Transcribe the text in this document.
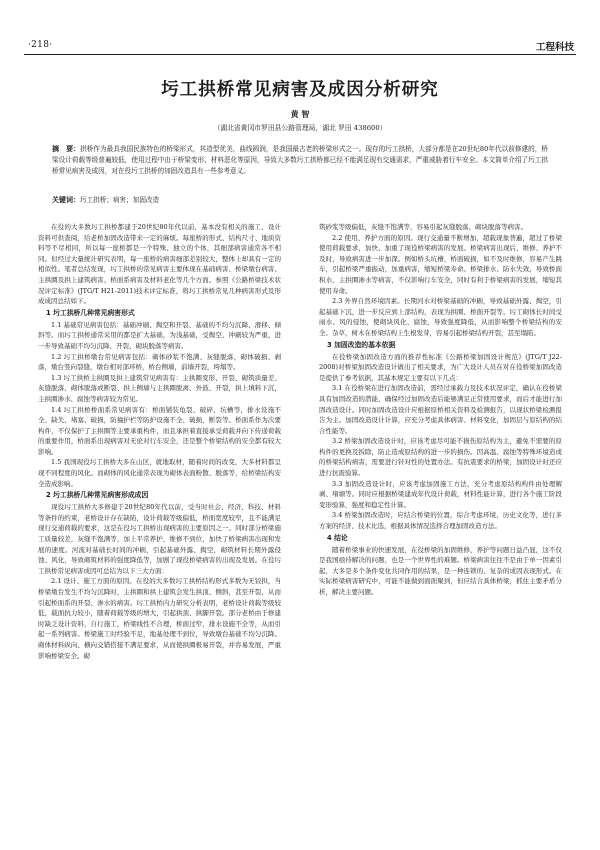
·218·	工程科技
圬工拱桥常见病害及成因分析研究
黄 智
（湖北省黄冈市罗田县公路管理局，湖北 罗田 438600）
摘　要：拱桥作为最具我国民族特色的桥梁形式，其造型优美，曲线圆润，是我国最古老的桥梁形式之一。现存的圬工拱桥，大部分都是在20世纪80年代以前修建的，桥梁设计荷载等级普遍较低，使用过程中由于桥梁变形、材料恶化等原因，导致大多数圬工拱桥都已经不能满足现有交通需求，严重威胁着行车安全。本文简单介绍了圬工拱桥常见病害及成因，对在役圬工拱桥的加固改造具有一些参考意义。
关键词：圬工拱桥；病害；加固改造

在役的大多数圬工拱桥都建于20世纪80年代以前，基本没有相关的施工、设计资料可供查阅，给老桥加固改造带来一定的麻烦。每座桥的形式、结构尺寸、地质资料等不尽相同，所以每一座桥都是一个特殊、独立的个体，其细部病害通常各不相同。但经过大量统计研究表明，每一座桥的病害细部差别较大，整体上却具有一定的相似性。笔者总结发现，圬工拱桥的常见病害主要体现在基础病害、桥梁墩台病害、主拱圈及拱上建筑病害、桥面系病害及材料老化等几个方面。参照《公路桥梁技术状况评定标准》(JTG/T H21-2011)技术评定标准，将圬工拱桥常见几种病害形式及形成成因总结如下。

1 圬工拱桥几种常见病害形式

1.1 基础常见病害包括：基础冲刷、掏空和开裂、基础的不均匀沉降、滑移、倾斜等。而圬工拱桥通常采用的都是扩大基础，为浅基础，受掏空、冲刷较为严重，进一步导致基础不均匀沉降、开裂、砌块脱落等病害。

1.2 圬工拱桥墩台常见病害包括：砌体砂浆不饱满、灰缝脱落，砌体破损、剥落，墩台竖向裂缝，墩台相对部环桥，桥台侧墙，前墙开裂，垮塌等。

1.3 圬工拱桥主拱圈及拱上建筑常见病害有：主拱圈变形、开裂、砌筑质量差、灰缝脱落、砌体脱落或断裂、拱上侧墙与主拱圈脱离、外鼓、开裂，拱上填料下沉，主拱圈渗水、腐蚀等病害较为常见。

1.4 圬工拱桥桥面系常见病害有：桥面铺装龟裂、破碎、坑槽等，排水设施不全、缺失、堵塞、破损，防撞护栏等防护设施不全、破损、断裂等。桥面系作为次要构件，不仅保护了主拱圈等主要承重构件，而且承担着直接承受荷载并向下传递荷载的重要作用，桥面系出现病害对无论对行车安全，还是整个桥梁结构的安全都有较大影响。

1.5 我国现役圬工拱桥大多在山区，就地取材，随着时间的改变，大多材料都呈现不同程度的风化。而砌体的风化通常表现为砌体表面粉散、脱落等，给桥梁结构安全造成影响。

2 圬工拱桥几种常见病害形成成因

现役圬工拱桥大多修建于20世纪80年代以前，受当时社会、经济、科技、材料等条件的约束，老桥设计存在缺陷，设计荷载等级偏低，桥面宽度较窄，且不能满足现行交通荷载的要求，这是在役圬工拱桥出现病害的主要原因之一。同时部分桥梁施工质量较差，灰缝不饱满等，加上平常养护，维修不到位，加快了桥梁病害出现和发展的速度。河流对基础长时间的冲刷，引起基础外露、掏空，砌筑材料长期外露侵蚀、风化，导致砌筑材料的强度降低等，加剧了现役桥梁病害的出现及发展。在役圬工拱桥常见病害成因可总结为以下三大方面：

2.1 设计、施工方面的原因。在役的大多数圬工拱桥结构形式多数为无铰拱，当桥梁墩台发生不均匀沉降时，主拱圈和拱上建筑会发生拱顶、侧斜，甚至开裂，从而引起桥面系的开裂、渗水的病害。圬工拱桥内力研究分析表明，老桥设计荷载等级较低，载面抗力较小，随着荷载等级的增大，引起拱顶、拱脚开裂。部分老桥由于修建时缺乏设计资料，自行施工，桥梁线性不合理，桥面过窄，排水设施不全等，从而引起一系列病害。桥梁施工时经验不足，地基处理不到位，导致墩台基础不均匀沉降。砌体材料纵向、横向交错搭接不满足要求，从而使拱圈极易开裂，并容易发展，严重影响桥梁安全。砌

筑砂浆等级偏低，灰缝不饱满等，容易引起灰缝脱落、砌块脱落等病害。

2.2 使用、养护方面的原因。现行交通量不断增加，超载现象普遍，超过了桥梁使用荷载要求，加快、加重了现役桥梁病害的发展。桥梁病害出现后，维修、养护不及时，导致病害进一步加深。例如桥头坑槽，桥面破损，如不及时维修，容易产生跳车，引起桥梁严重振动，加重病害，缩短桥梁寿命。桥梁排水、防水失效，导致桥面积水，主拱圈渗水等病害，不仅影响行车安全，同时有利于桥梁病害的发展，缩短其使用寿命。

2.3 外界自然环境因素。长期河水对桥梁基础的冲刷，导致基础外露、掏空，引起基础下沉，进一步反应到上部结构，表现为拱圈、桥面开裂等。圬工砌体长时间受雨水、风的侵蚀，使砌块风化、腐蚀，导致强度降低，从而影响整个桥梁结构的安全。杂草，树木在桥梁结构上生根发芽，容易引起桥梁结构开裂，甚至塌陷。

3 加固改造的基本依据

在役桥梁加固改造方面的推荐性标准《公路桥梁加固设计规范》(JTG/T J22-2008)对桥梁加固改造设计做出了相关要求，为广大设计人员在对在役桥梁加固改造是提供了参考依据，其基本规定主要有以下几点：

3.1 在役桥梁在进行加固改造前，需经过承载力及技术状况评定，确认在役桥梁具有加固改造的潜能，确保经过加固改造后能够满足正常使用要求，而后才能进行加固改造设计。同时加固改造设计应根据原桥相关资料及检测报告，以现状桥梁检测报告为主。加固改造设计计算，应充分考虑具体病害、材料变化，加固层与原结构的结合性能等。

3.2 桥梁加固改造设计时，应该考虑尽可能不损伤原结构为主，避免不需要的原构件的更换及拆除，防止造成原结构的进一步的损伤。因高温、腐蚀等特殊环境造成的桥梁结构病害，需要进行针对性的处置办法。有抗震要求的桥梁，加固设计时还应进行抗震验算。

3.3 加固改造设计时，应该考虑加固施工方法，充分考虑原结构构件由处理解剥、堵塘等。同时应根据桥梁建成年代设计荷载，材料性能计算，进行各个施工阶段变形验算，强度和稳定性计算。

3.4 桥梁加固改造时，应结合桥梁的位置，综合考虑环境、历史文化等，进行多方案的经济、技术比选，根据具体情况选择合理加固改造方法。

4 结论

随着桥梁事业的快速发展，在役桥梁的加固维修，养护等问题日益凸显，这不仅是我国亟待解决的问题，也是一个世界性的难题。桥梁病害往往不是由于单一因素引起，大多是多个条件变化共同作用的结果，是一种连锁的、复杂的成因表现形式。在实际桥梁病害研究中，可能不能做到面面聚到，但应结合具体桥梁，抓住主要矛盾分析，解决主要问题。
